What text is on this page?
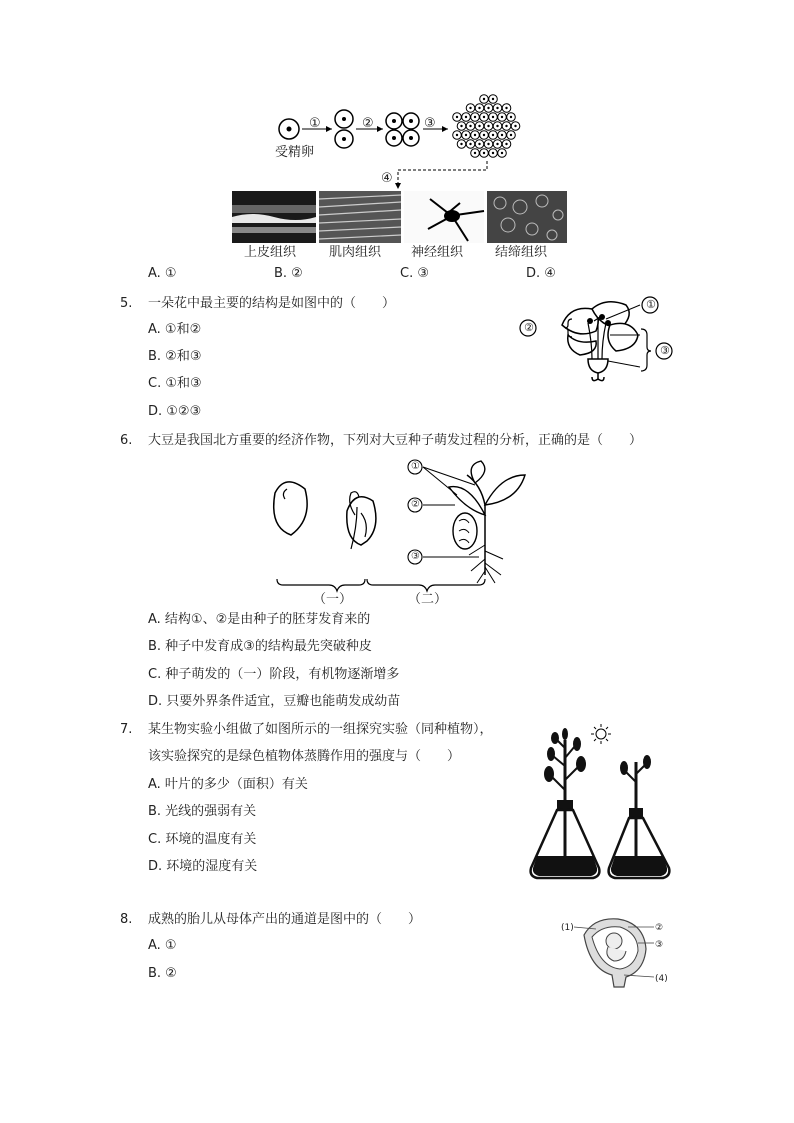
受精卵
①	②	③
④
上皮组织	肌肉组织 神经组织 结缔组织
A. ①	B. ②	C. ③	D. ④
5. 一朵花中最主要的结构是如图中的（　　）
A. ①和②
B. ②和③
C. ①和③
D. ①②③
①
②
③
6. 大豆是我国北方重要的经济作物，下列对大豆种子萌发过程的分析，正确的是（　　）
①
②
③
（一）	（二）
A. 结构①、②是由种子的胚芽发育来的
B. 种子中发育成③的结构最先突破种皮
C. 种子萌发的（一）阶段，有机物逐渐增多
D. 只要外界条件适宜，豆瓣也能萌发成幼苗
7. 某生物实验小组做了如图所示的一组探究实验（同种植物），
该实验探究的是绿色植物体蒸腾作用的强度与（　　）
A. 叶片的多少（面积）有关
B. 光线的强弱有关
C. 环境的温度有关
D. 环境的湿度有关
8. 成熟的胎儿从母体产出的通道是图中的（　　）
A. ①
B. ②
(1)	②
③
(4)
